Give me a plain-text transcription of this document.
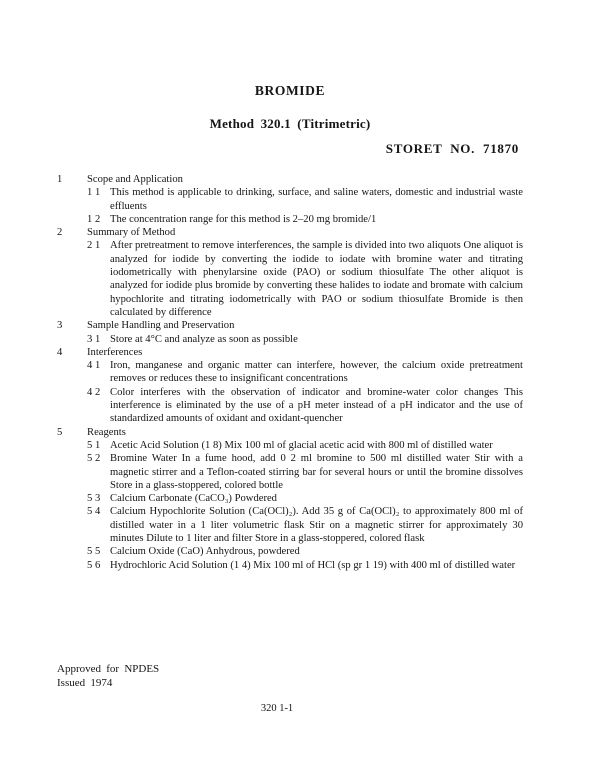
BROMIDE
Method 320.1 (Titrimetric)
STORET NO. 71870
1	Scope and Application
1 1 This method is applicable to drinking, surface, and saline waters, domestic and industrial waste effluents
1 2 The concentration range for this method is 2–20 mg bromide/1
2	Summary of Method
2 1 After pretreatment to remove interferences, the sample is divided into two aliquots One aliquot is analyzed for iodide by converting the iodide to iodate with bromine water and titrating iodometrically with phenylarsine oxide (PAO) or sodium thiosulfate The other aliquot is analyzed for iodide plus bromide by converting these halides to iodate and bromate with calcium hypochlorite and titrating iodometrically with PAO or sodium thiosulfate Bromide is then calculated by difference
3	Sample Handling and Preservation
3 1 Store at 4°C and analyze as soon as possible
4	Interferences
4 1 Iron, manganese and organic matter can interfere, however, the calcium oxide pretreatment removes or reduces these to insignificant concentrations
4 2 Color interferes with the observation of indicator and bromine-water color changes This interference is eliminated by the use of a pH meter instead of a pH indicator and the use of standardized amounts of oxidant and oxidant-quencher
5	Reagents
5 1 Acetic Acid Solution (1 8) Mix 100 ml of glacial acetic acid with 800 ml of distilled water
5 2 Bromine Water In a fume hood, add 0 2 ml bromine to 500 ml distilled water Stir with a magnetic stirrer and a Teflon-coated stirring bar for several hours or until the bromine dissolves Store in a glass-stoppered, colored bottle
5 3 Calcium Carbonate (CaCO₃) Powdered
5 4 Calcium Hypochlorite Solution (Ca(OCl)₂). Add 35 g of Ca(OCl)₂ to approximately 800 ml of distilled water in a 1 liter volumetric flask Stir on a magnetic stirrer for approximately 30 minutes Dilute to 1 liter and filter Store in a glass-stoppered, colored flask
5 5 Calcium Oxide (CaO) Anhydrous, powdered
5 6 Hydrochloric Acid Solution (1 4) Mix 100 ml of HCl (sp gr 1 19) with 400 ml of distilled water
Approved for NPDES
Issued 1974
320 1-1
